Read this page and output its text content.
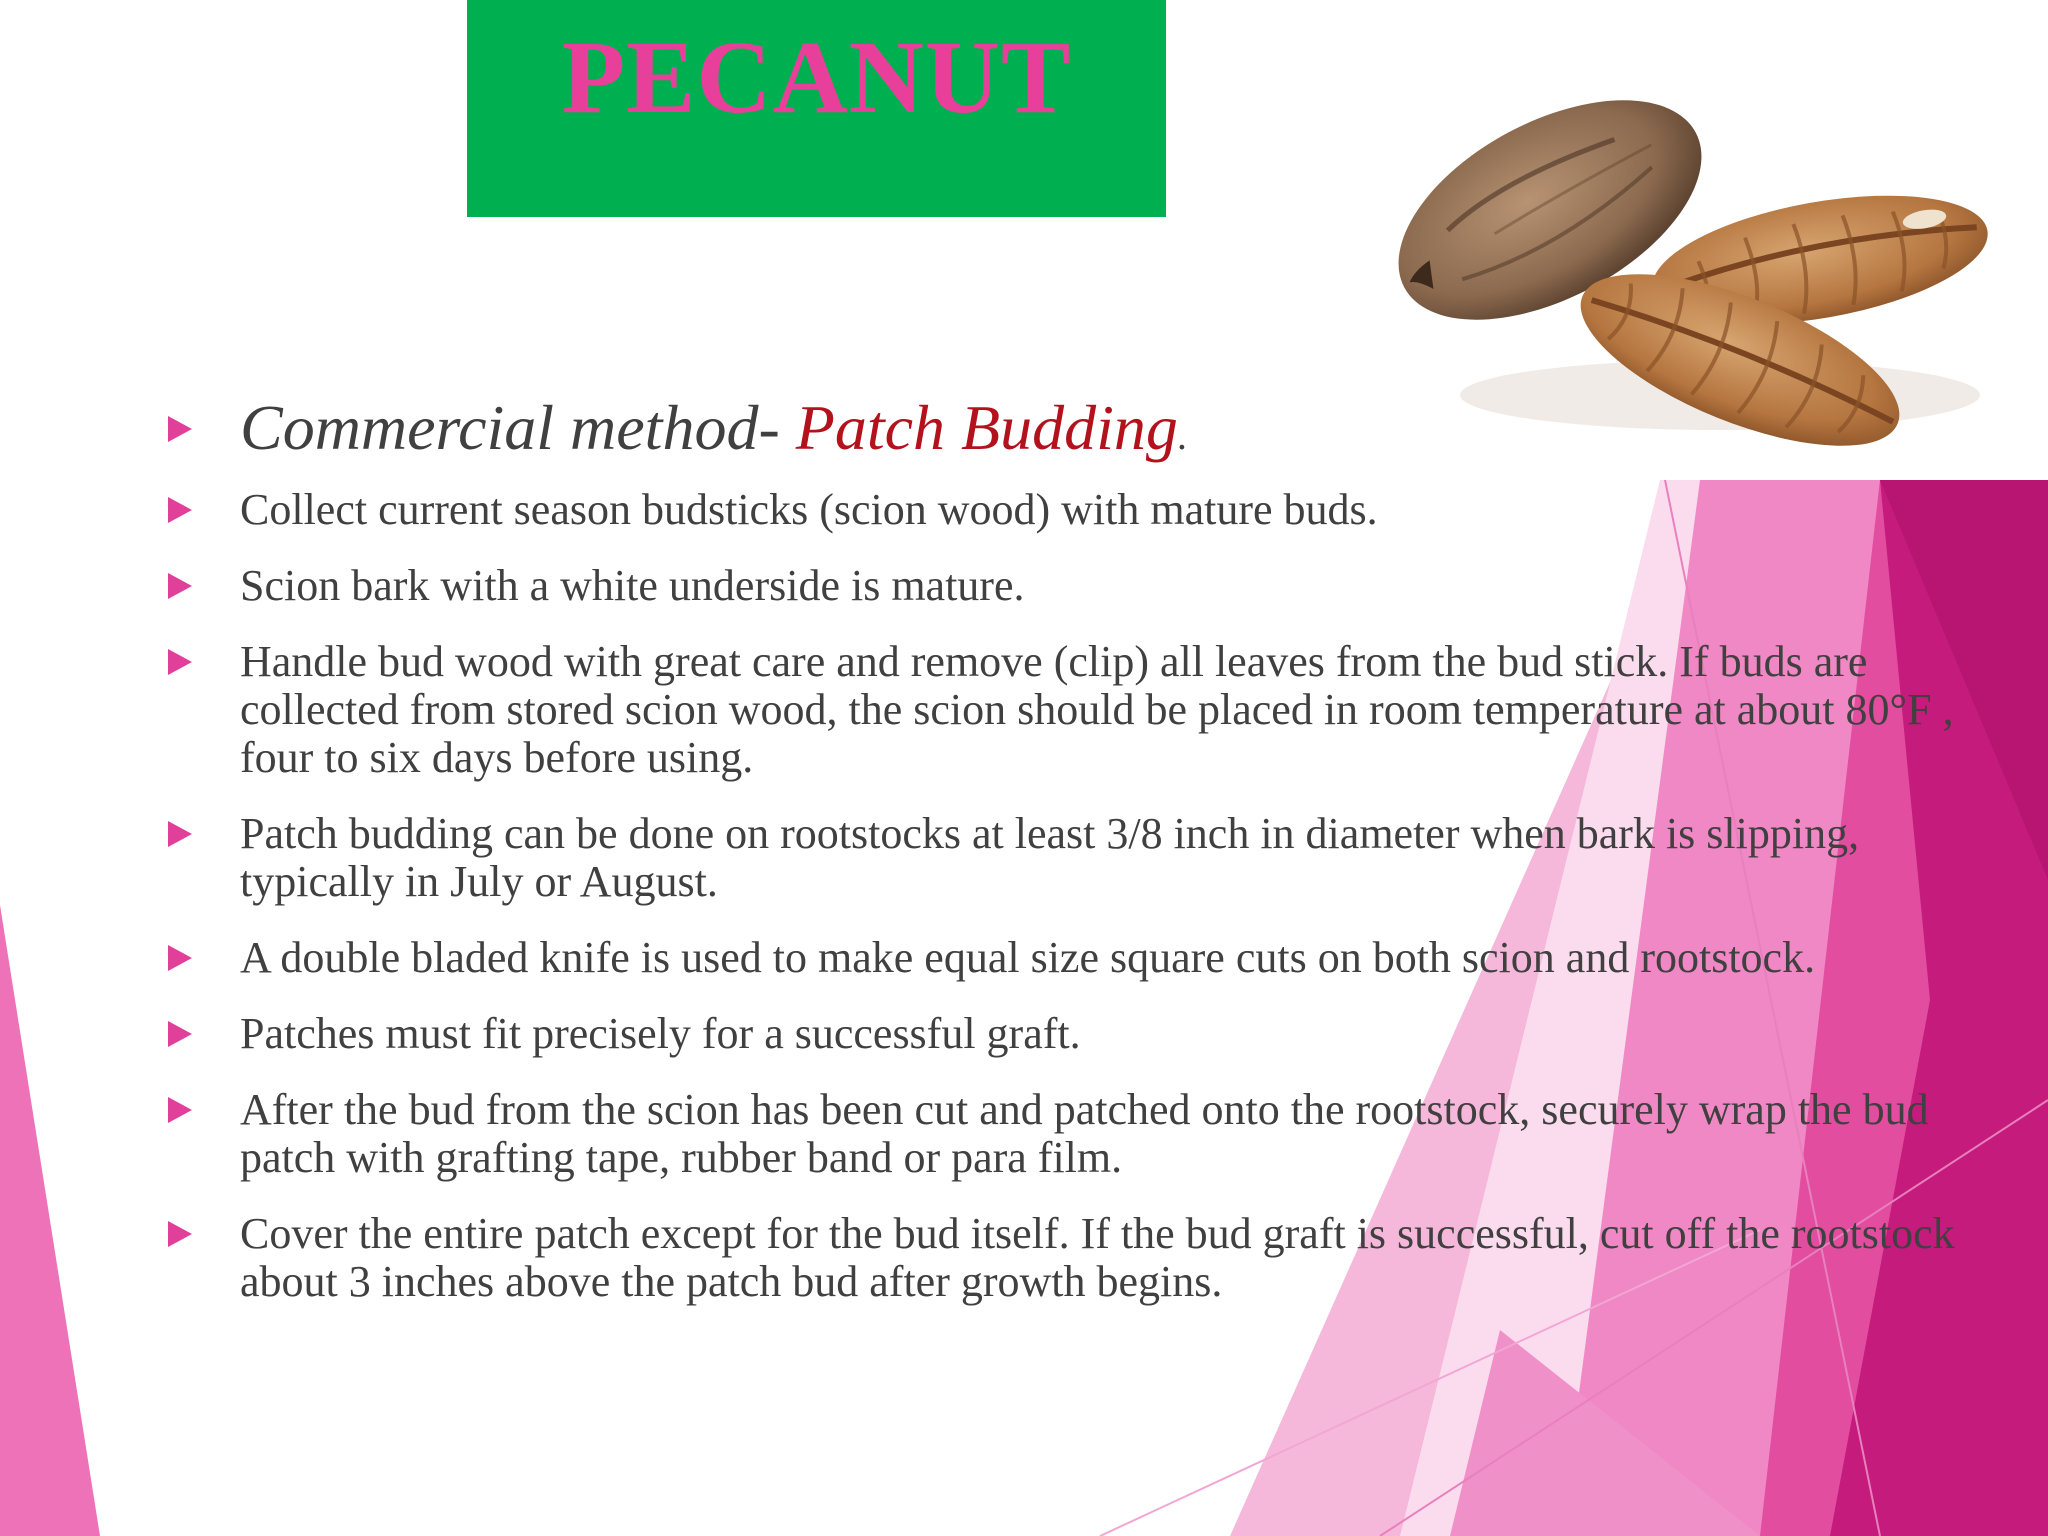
PECANUT
Commercial method- Patch Budding.
Collect current season budsticks (scion wood) with mature buds.
Scion bark with a white underside is mature.
Handle bud wood with great care and remove (clip) all leaves from the bud stick. If buds are collected from stored scion wood, the scion should be placed in room temperature at about 80°F , four to six days before using.
Patch budding can be done on rootstocks at least 3/8 inch in diameter when bark is slipping, typically in July or August.
A double bladed knife is used to make equal size square cuts on both scion and rootstock.
Patches must fit precisely for a successful graft.
After the bud from the scion has been cut and patched onto the rootstock, securely wrap the bud patch with grafting tape, rubber band or para film.
Cover the entire patch except for the bud itself. If the bud graft is successful, cut off the rootstock about 3 inches above the patch bud after growth begins.
